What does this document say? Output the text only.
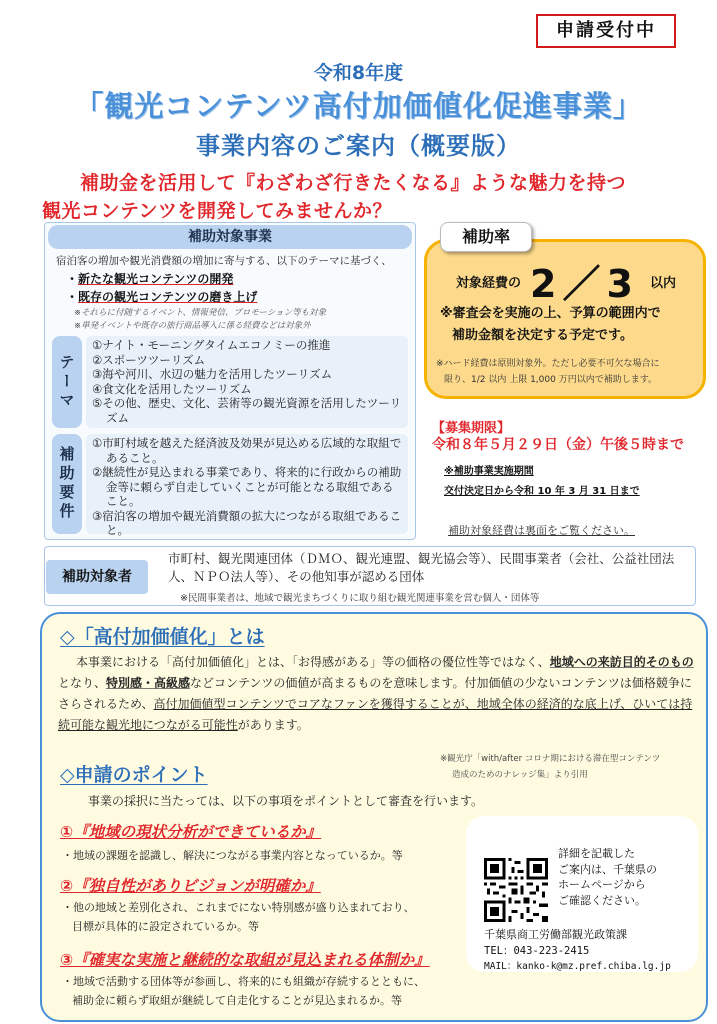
申請受付中
令和8年度
「観光コンテンツ高付加価値化促進事業」
事業内容のご案内（概要版）
補助金を活用して『わざわざ行きたくなる』ような魅力を持つ
観光コンテンツを開発してみませんか？
補助対象事業
宿泊客の増加や観光消費額の増加に寄与する、以下のテーマに基づく、
・新たな観光コンテンツの開発
・既存の観光コンテンツの磨き上げ
※それらに付随するイベント、情報発信、プロモーション等も対象
※単発イベントや既存の旅行商品導入に係る経費などは対象外
テーマ
①ナイト・モーニングタイムエコノミーの推進
②スポーツツーリズム
③海や河川、水辺の魅力を活用したツーリズム
④食文化を活用したツーリズム
⑤その他、歴史、文化、芸術等の観光資源を活用したツーリズム
補助要件
①市町村域を越えた経済波及効果が見込める広域的な取組であること。
②継続性が見込まれる事業であり、将来的に行政からの補助金等に頼らず自走していくことが可能となる取組であること。
③宿泊客の増加や観光消費額の拡大につながる取組であること。
補助率
対象経費の 2／3 以内
※審査会を実施の上、予算の範囲内で
補助金額を決定する予定です。
※ハード経費は原則対象外。ただし必要不可欠な場合に
限り、1/2 以内 上限 1,000 万円以内で補助します。
【募集期限】
令和８年５月２９日（金）午後５時まで
※補助事業実施期間
交付決定日から令和 10 年 3 月 31 日まで
補助対象経費は裏面をご覧ください。
補助対象者
市町村、観光関連団体（ＤＭＯ、観光連盟、観光協会等）、民間事業者（会社、公益社団法人、ＮＰＯ法人等）、その他知事が認める団体
※民間事業者は、地域で観光まちづくりに取り組む観光関連事業を営む個人・団体等
◇「高付加価値化」とは
本事業における「高付加価値化」とは、「お得感がある」等の価格の優位性等ではなく、地域への来訪目的そのものとなり、特別感・高級感などコンテンツの価値が高まるものを意味します。付加価値の少ないコンテンツは価格競争にさらされるため、高付加価値型コンテンツでコアなファンを獲得することが、地域全体の経済的な底上げ、ひいては持続可能な観光地につながる可能性があります。
※観光庁「with/after コロナ期における滞在型コンテンツ
造成のためのナレッジ集」より引用
◇申請のポイント
事業の採択に当たっては、以下の事項をポイントとして審査を行います。
①『地域の現状分析ができているか』
・地域の課題を認識し、解決につながる事業内容となっているか。等
②『独自性がありビジョンが明確か』
・他の地域と差別化され、これまでにない特別感が盛り込まれており、
目標が具体的に設定されているか。等
③『確実な実施と継続的な取組が見込まれる体制か』
・地域で活動する団体等が参画し、将来的にも組織が存続するとともに、
補助金に頼らず取組が継続して自走化することが見込まれるか。等
詳細を記載した
ご案内は、千葉県の
ホームページから
ご確認ください。
千葉県商工労働部観光政策課
TEL：043-223-2415
MAIL：kanko-k@mz.pref.chiba.lg.jp
